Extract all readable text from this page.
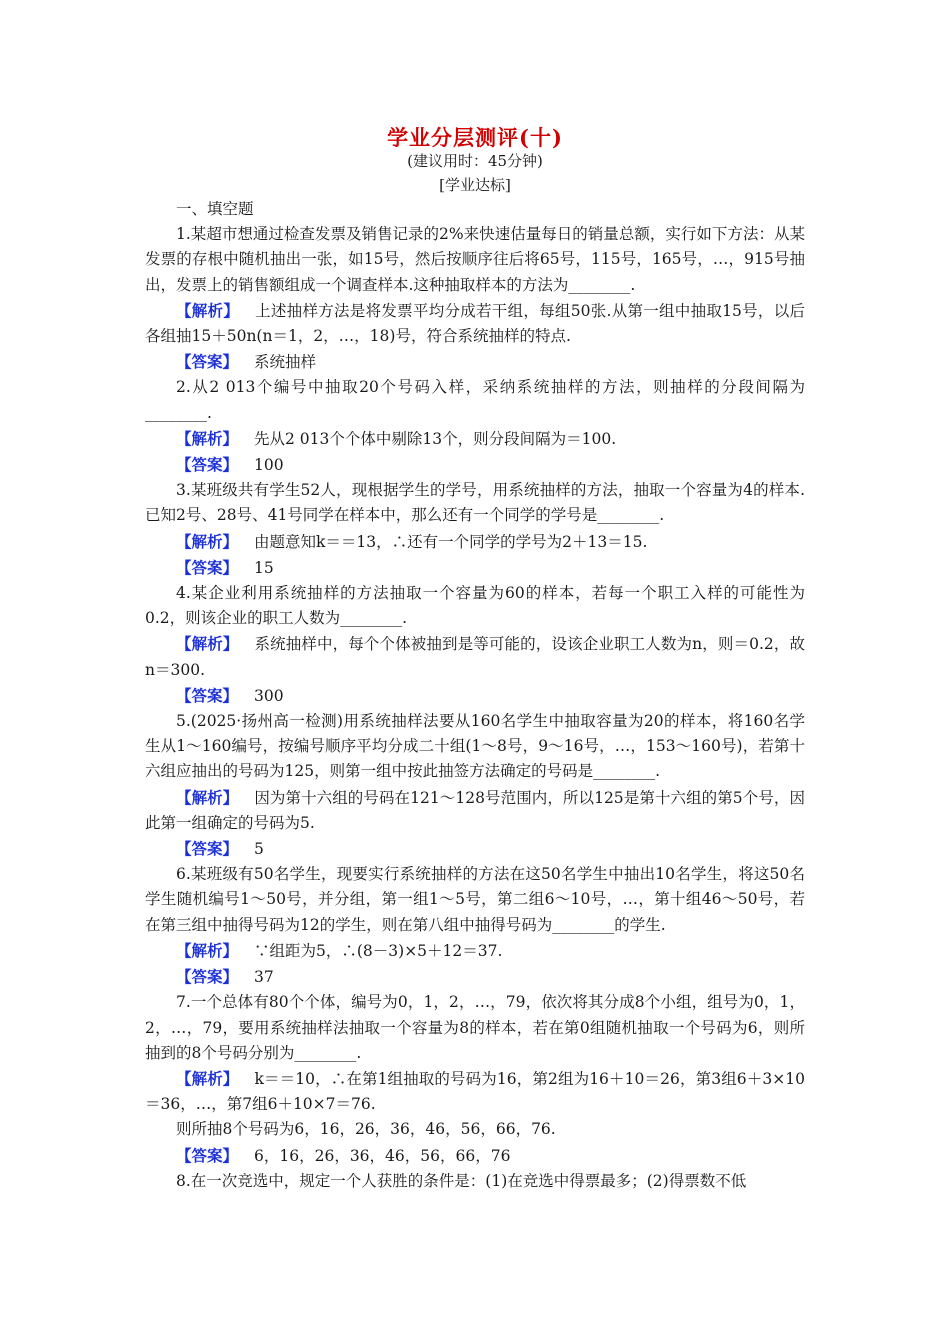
学业分层测评(十)
(建议用时：45分钟)
[学业达标]

一、填空题

1.某超市想通过检查发票及销售记录的2%来快速估量每日的销量总额，实行如下方法：从某发票的存根中随机抽出一张，如15号，然后按顺序往后将65号，115号，165号，…，915号抽出，发票上的销售额组成一个调查样本.这种抽取样本的方法为________.

【解析】 上述抽样方法是将发票平均分成若干组，每组50张.从第一组中抽取15号，以后各组抽15＋50n(n＝1，2，…，18)号，符合系统抽样的特点.

【答案】 系统抽样

2.从2 013个编号中抽取20个号码入样，采纳系统抽样的方法，则抽样的分段间隔为________.

【解析】 先从2 013个个体中剔除13个，则分段间隔为＝100.

【答案】 100

3.某班级共有学生52人，现根据学生的学号，用系统抽样的方法，抽取一个容量为4的样本.已知2号、28号、41号同学在样本中，那么还有一个同学的学号是________.

【解析】 由题意知k＝＝13，∴还有一个同学的学号为2＋13＝15.

【答案】 15

4.某企业利用系统抽样的方法抽取一个容量为60的样本，若每一个职工入样的可能性为0.2，则该企业的职工人数为________.

【解析】 系统抽样中，每个个体被抽到是等可能的，设该企业职工人数为n，则＝0.2，故n＝300.

【答案】 300

5.(2025·扬州高一检测)用系统抽样法要从160名学生中抽取容量为20的样本，将160名学生从1～160编号，按编号顺序平均分成二十组(1～8号，9～16号，…，153～160号)，若第十六组应抽出的号码为125，则第一组中按此抽签方法确定的号码是________.

【解析】 因为第十六组的号码在121～128号范围内，所以125是第十六组的第5个号，因此第一组确定的号码为5.

【答案】 5

6.某班级有50名学生，现要实行系统抽样的方法在这50名学生中抽出10名学生，将这50名学生随机编号1～50号，并分组，第一组1～5号，第二组6～10号，…，第十组46～50号，若在第三组中抽得号码为12的学生，则在第八组中抽得号码为________的学生.

【解析】 ∵组距为5，∴(8－3)×5＋12＝37.

【答案】 37

7.一个总体有80个个体，编号为0，1，2，…，79，依次将其分成8个小组，组号为0，1，2，…，79，要用系统抽样法抽取一个容量为8的样本，若在第0组随机抽取一个号码为6，则所抽到的8个号码分别为________.

【解析】 k＝＝10，∴在第1组抽取的号码为16，第2组为16＋10＝26，第3组6＋3×10＝36，…，第7组6＋10×7＝76.

则所抽8个号码为6，16，26，36，46，56，66，76.

【答案】 6，16，26，36，46，56，66，76

8.在一次竞选中，规定一个人获胜的条件是：(1)在竞选中得票最多；(2)得票数不低
